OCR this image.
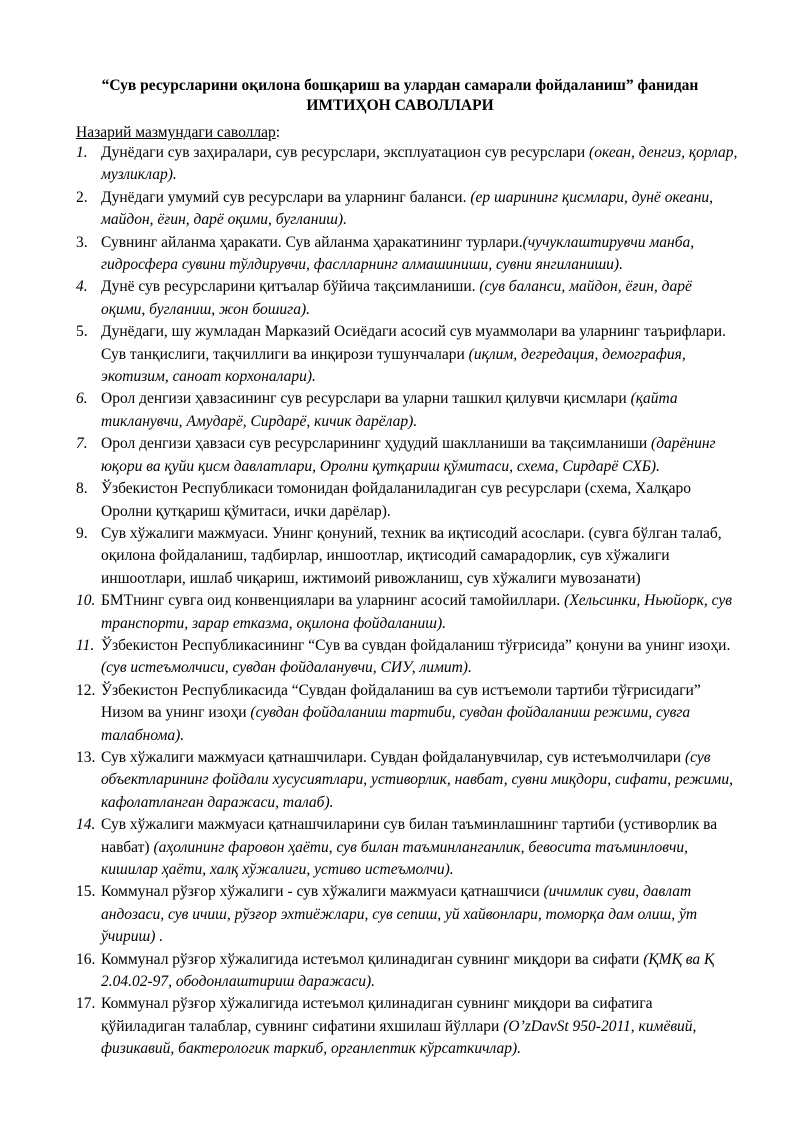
“Сув ресурсларини оқилона бошқариш ва улардан самарали фойдаланиш” фанидан
ИМТИҲОН САВОЛЛАРИ
Назарий мазмундаги саволлар:
1. Дунёдаги сув заҳиралари, сув ресурслари, эксплуатацион сув ресурслари (океан, денгиз, қорлар, музликлар).
2. Дунёдаги умумий сув ресурслари ва уларнинг баланси. (ер шарининг қисмлари, дунё океани, майдон, ёғин, дарё оқими, бугланиш).
3. Сувнинг айланма ҳаракати. Сув айланма ҳаракатининг турлари.(чучуклаштирувчи манба, гидросфера сувини тўлдирувчи, фаслларнинг алмашиниши, сувни янгиланиши).
4. Дунё сув ресурсларини қитъалар бўйича тақсимланиши. (сув баланси, майдон, ёғин, дарё оқими, бугланиш, жон бошига).
5. Дунёдаги, шу жумладан Марказий Осиёдаги асосий сув муаммолари ва уларнинг таърифлари. Сув танқислиги, тақчиллиги ва инқирози тушунчалари (иқлим, дегредация, демография, экотизим, саноат корхоналари).
6. Орол денгизи ҳавзасининг сув ресурслари ва уларни ташкил қилувчи қисмлари (қайта тикланувчи, Амударё, Сирдарё, кичик дарёлар).
7. Орол денгизи ҳавзаси сув ресурсларининг ҳудудий шаклланиши ва тақсимланиши (дарёнинг юқори ва қуйи қисм давлатлари, Оролни қутқариш қўмитаси, схема, Сирдарё СХБ).
8. Ўзбекистон Республикаси томонидан фойдаланиладиган сув ресурслари (схема, Халқаро Оролни қутқариш қўмитаси, ички дарёлар).
9. Сув хўжалиги мажмуаси. Унинг қонуний, техник ва иқтисодий асослари. (сувга бўлган талаб, оқилона фойдаланиш, тадбирлар, иншоотлар, иқтисодий самарадорлик, сув хўжалиги иншоотлари, ишлаб чиқариш, ижтимоий ривожланиш, сув хўжалиги мувозанати)
10. БМТнинг сувга оид конвенциялари ва уларнинг асосий тамойиллари. (Хельсинки, Ньюйорк, сув транспорти, зарар етказма, оқилона фойдаланиш).
11. Ўзбекистон Республикасининг “Сув ва сувдан фойдаланиш тўғрисида” қонуни ва унинг изоҳи. (сув истеъмолчиси, сувдан фойдаланувчи, СИУ, лимит).
12. Ўзбекистон Республикасида “Сувдан фойдаланиш ва сув истъемоли тартиби тўғрисидаги” Низом ва унинг изоҳи (сувдан фойдаланиш тартиби, сувдан фойдаланиш режими, сувга талабнома).
13. Сув хўжалиги мажмуаси қатнашчилари. Сувдан фойдаланувчилар, сув истеъмолчилари (сув объектларининг фойдали хусусиятлари, устиворлик, навбат, сувни миқдори, сифати, режими, кафолатланган даражаси, талаб).
14. Сув хўжалиги мажмуаси қатнашчиларини сув билан таъминлашнинг тартиби (устиворлик ва навбат) (аҳолининг фаровон ҳаёти, сув билан таъминланганлик, бевосита таъминловчи, кишилар ҳаёти, халқ хўжалиги, устиво истеъмолчи).
15. Коммунал рўзғор хўжалиги - сув хўжалиги мажмуаси қатнашчиси (ичимлик суви, давлат андозаси, сув ичиш, рўзғор эхтиёжлари, сув сепиш, уй хайвонлари, томорқа дам олиш, ўт ўчириш) .
16. Коммунал рўзғор хўжалигида истеъмол қилинадиган сувнинг миқдори ва сифати (ҚМҚ ва Қ 2.04.02-97, ободонлаштириш даражаси).
17. Коммунал рўзғор хўжалигида истеъмол қилинадиган сувнинг миқдори ва сифатига қўйиладиган талаблар, сувнинг сифатини яхшилаш йўллари (O’zDavSt 950-2011, кимёвий, физикавий, бактерологик таркиб, органлептик кўрсаткичлар).
